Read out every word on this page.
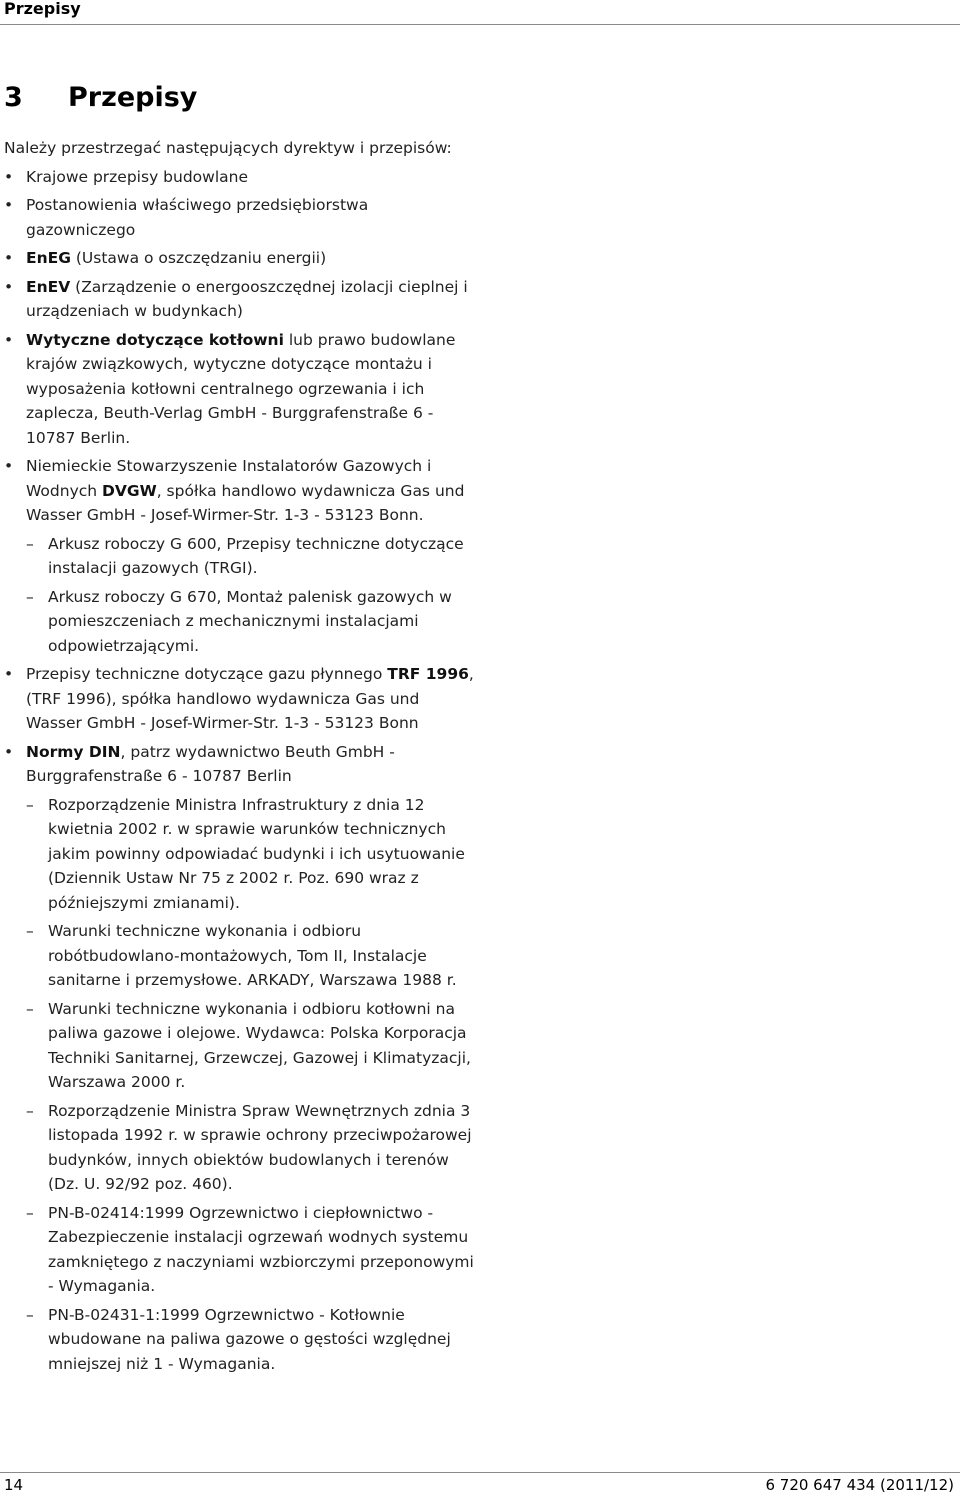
Przepisy
3 Przepisy

Należy przestrzegać następujących dyrektyw i przepisów:

• Krajowe przepisy budowlane
• Postanowienia właściwego przedsiębiorstwa gazowniczego
• EnEG (Ustawa o oszczędzaniu energii)
• EnEV (Zarządzenie o energooszczędnej izolacji cieplnej i urządzeniach w budynkach)
• Wytyczne dotyczące kotłowni lub prawo budowlane krajów związkowych, wytyczne dotyczące montażu i wyposażenia kotłowni centralnego ogrzewania i ich zaplecza, Beuth-Verlag GmbH - Burggrafenstraße 6 - 10787 Berlin.
• Niemieckie Stowarzyszenie Instalatorów Gazowych i Wodnych DVGW, spółka handlowo wydawnicza Gas und Wasser GmbH - Josef-Wirmer-Str. 1-3 - 53123 Bonn.
– Arkusz roboczy G 600, Przepisy techniczne dotyczące instalacji gazowych (TRGI).
– Arkusz roboczy G 670, Montaż palenisk gazowych w pomieszczeniach z mechanicznymi instalacjami odpowietrzającymi.
• Przepisy techniczne dotyczące gazu płynnego TRF 1996, (TRF 1996), spółka handlowo wydawnicza Gas und Wasser GmbH - Josef-Wirmer-Str. 1-3 - 53123 Bonn
• Normy DIN, patrz wydawnictwo Beuth GmbH - Burggrafenstraße 6 - 10787 Berlin
– Rozporządzenie Ministra Infrastruktury z dnia 12 kwietnia 2002 r. w sprawie warunków technicznych jakim powinny odpowiadać budynki i ich usytuowanie (Dziennik Ustaw Nr 75 z 2002 r. Poz. 690 wraz z późniejszymi zmianami).
– Warunki techniczne wykonania i odbioru robótbudowlano-montażowych, Tom II, Instalacje sanitarne i przemysłowe. ARKADY, Warszawa 1988 r.
– Warunki techniczne wykonania i odbioru kotłowni na paliwa gazowe i olejowe. Wydawca: Polska Korporacja Techniki Sanitarnej, Grzewczej, Gazowej i Klimatyzacji, Warszawa 2000 r.
– Rozporządzenie Ministra Spraw Wewnętrznych zdnia 3 listopada 1992 r. w sprawie ochrony przeciwpożarowej budynków, innych obiektów budowlanych i terenów (Dz. U. 92/92 poz. 460).
– PN-B-02414:1999 Ogrzewnictwo i ciepłownictwo - Zabezpieczenie instalacji ogrzewań wodnych systemu zamkniętego z naczyniami wzbiorczymi przeponowymi - Wymagania.
– PN-B-02431-1:1999 Ogrzewnictwo - Kotłownie wbudowane na paliwa gazowe o gęstości względnej mniejszej niż 1 - Wymagania.
14	6 720 647 434 (2011/12)
